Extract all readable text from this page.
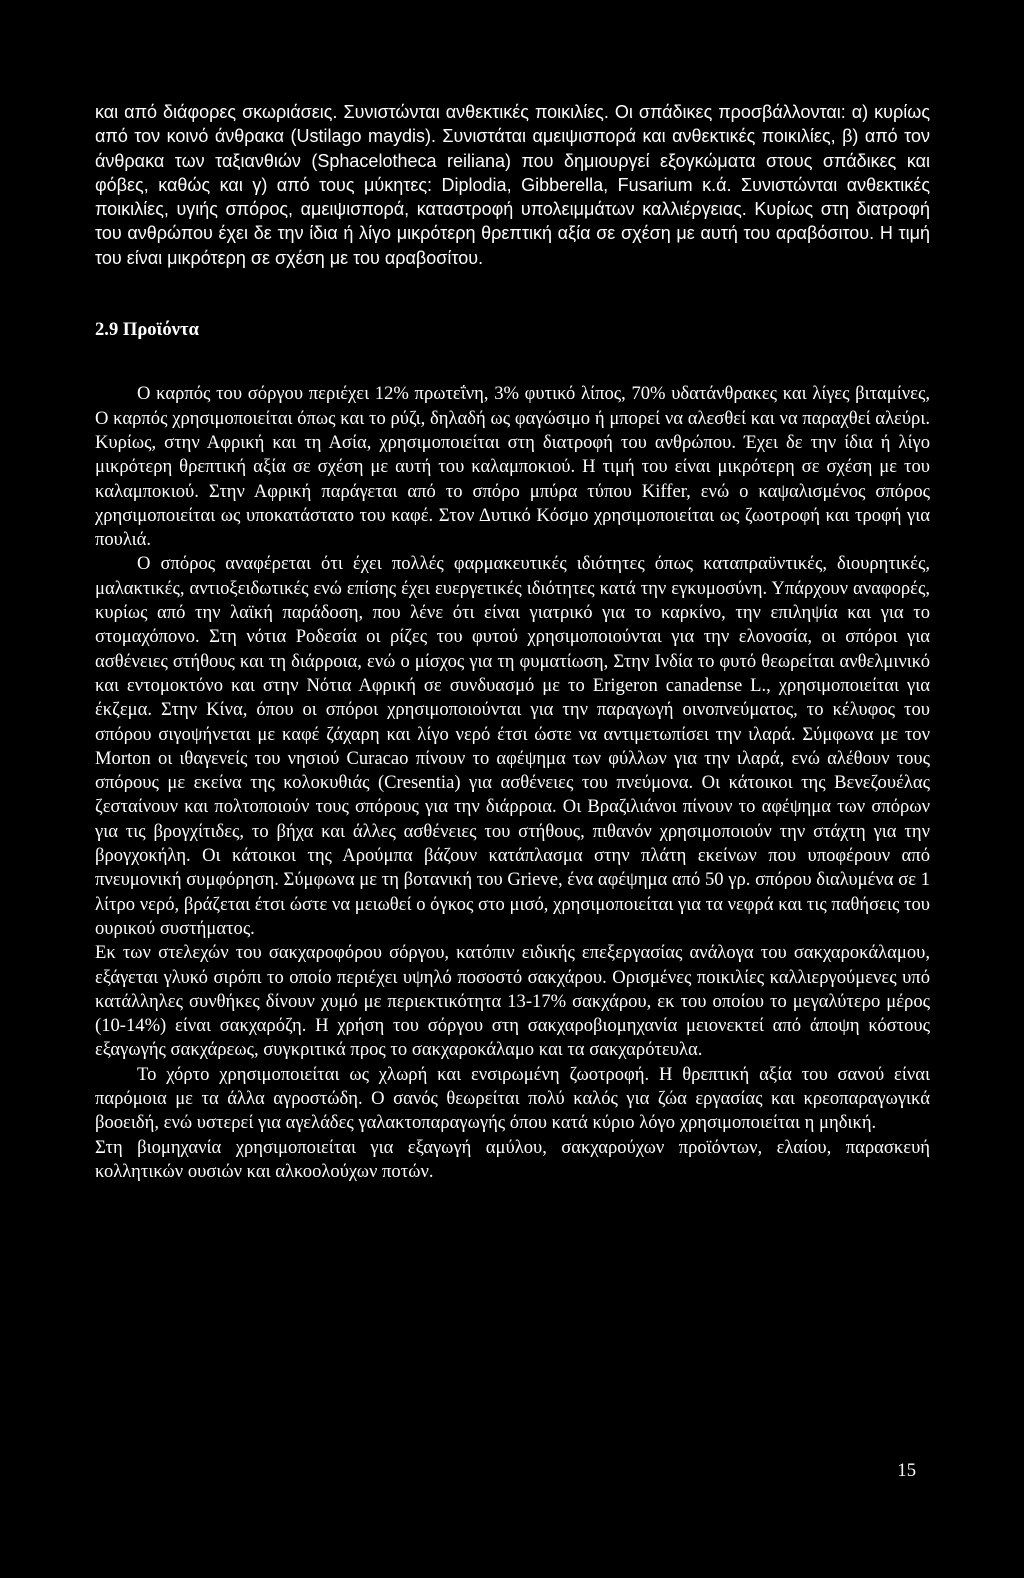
και από διάφορες σκωριάσεις. Συνιστώνται ανθεκτικές ποικιλίες. Οι σπάδικες προσβάλλονται: α) κυρίως από τον κοινό άνθρακα (Ustilago maydis). Συνιστάται αμειψισπορά και ανθεκτικές ποικιλίες, β) από τον άνθρακα των ταξιανθιών (Sphacelotheca reiliana) που δημιουργεί εξογκώματα στους σπάδικες και φόβες, καθώς και γ) από τους μύκητες: Diplodia, Gibberella, Fusarium κ.ά. Συνιστώνται ανθεκτικές ποικιλίες, υγιής σπόρος, αμειψισπορά, καταστροφή υπολειμμάτων καλλιέργειας. Κυρίως στη διατροφή του ανθρώπου έχει δε την ίδια ή λίγο μικρότερη θρεπτική αξία σε σχέση με αυτή του αραβόσιτου. Η τιμή του είναι μικρότερη σε σχέση με του αραβοσίτου.

2.9 Προϊόντα

Ο καρπός του σόργου περιέχει 12% πρωτεΐνη, 3% φυτικό λίπος, 70% υδατάνθρακες και λίγες βιταμίνες, Ο καρπός χρησιμοποιείται όπως και το ρύζι, δηλαδή ως φαγώσιμο ή μπορεί να αλεσθεί και να παραχθεί αλεύρι. Κυρίως, στην Αφρική και τη Ασία, χρησιμοποιείται στη διατροφή του ανθρώπου. Έχει δε την ίδια ή λίγο μικρότερη θρεπτική αξία σε σχέση με αυτή του καλαμποκιού. Η τιμή του είναι μικρότερη σε σχέση με του καλαμποκιού. Στην Αφρική παράγεται από το σπόρο μπύρα τύπου Kiffer, ενώ ο καψαλισμένος σπόρος χρησιμοποιείται ως υποκατάστατο του καφέ. Στον Δυτικό Κόσμο χρησιμοποιείται ως ζωοτροφή και τροφή για πουλιά.

Ο σπόρος αναφέρεται ότι έχει πολλές φαρμακευτικές ιδιότητες όπως καταπραϋντικές, διουρητικές, μαλακτικές, αντιοξειδωτικές ενώ επίσης έχει ευεργετικές ιδιότητες κατά την εγκυμοσύνη. Υπάρχουν αναφορές, κυρίως από την λαϊκή παράδοση, που λένε ότι είναι γιατρικό για το καρκίνο, την επιληψία και για το στομαχόπονο. Στη νότια Ροδεσία οι ρίζες του φυτού χρησιμοποιούνται για την ελονοσία, οι σπόροι για ασθένειες στήθους και τη διάρροια, ενώ ο μίσχος για τη φυματίωση, Στην Ινδία το φυτό θεωρείται ανθελμινικό και εντομοκτόνο και στην Νότια Αφρική σε συνδυασμό με το Erigeron canadense L., χρησιμοποιείται για έκζεμα. Στην Κίνα, όπου οι σπόροι χρησιμοποιούνται για την παραγωγή οινοπνεύματος, το κέλυφος του σπόρου σιγοψήνεται με καφέ ζάχαρη και λίγο νερό έτσι ώστε να αντιμετωπίσει την ιλαρά. Σύμφωνα με τον Morton οι ιθαγενείς του νησιού Curacao πίνουν το αφέψημα των φύλλων για την ιλαρά, ενώ αλέθουν τους σπόρους με εκείνα της κολοκυθιάς (Cresentia) για ασθένειες του πνεύμονα. Οι κάτοικοι της Βενεζουέλας ζεσταίνουν και πολτοποιούν τους σπόρους για την διάρροια. Οι Βραζιλιάνοι πίνουν το αφέψημα των σπόρων για τις βρογχίτιδες, το βήχα και άλλες ασθένειες του στήθους, πιθανόν χρησιμοποιούν την στάχτη για την βρογχοκήλη. Οι κάτοικοι της Αρούμπα βάζουν κατάπλασμα στην πλάτη εκείνων που υποφέρουν από πνευμονική συμφόρηση. Σύμφωνα με τη βοτανική του Grieve, ένα αφέψημα από 50 γρ. σπόρου διαλυμένα σε 1 λίτρο νερό, βράζεται έτσι ώστε να μειωθεί ο όγκος στο μισό, χρησιμοποιείται για τα νεφρά και τις παθήσεις του ουρικού συστήματος.

Εκ των στελεχών του σακχαροφόρου σόργου, κατόπιν ειδικής επεξεργασίας ανάλογα του σακχαροκάλαμου, εξάγεται γλυκό σιρόπι το οποίο περιέχει υψηλό ποσοστό σακχάρου. Ορισμένες ποικιλίες καλλιεργούμενες υπό κατάλληλες συνθήκες δίνουν χυμό με περιεκτικότητα 13-17% σακχάρου, εκ του οποίου το μεγαλύτερο μέρος (10-14%) είναι σακχαρόζη. Η χρήση του σόργου στη σακχαροβιομηχανία μειονεκτεί από άποψη κόστους εξαγωγής σακχάρεως, συγκριτικά προς το σακχαροκάλαμο και τα σακχαρότευλα.

Το χόρτο χρησιμοποιείται ως χλωρή και ενσιρωμένη ζωοτροφή. Η θρεπτική αξία του σανού είναι παρόμοια με τα άλλα αγροστώδη. Ο σανός θεωρείται πολύ καλός για ζώα εργασίας και κρεοπαραγωγικά βοοειδή, ενώ υστερεί για αγελάδες γαλακτοπαραγωγής όπου κατά κύριο λόγο χρησιμοποιείται η μηδική.

Στη βιομηχανία χρησιμοποιείται για εξαγωγή αμύλου, σακχαρούχων προϊόντων, ελαίου, παρασκευή κολλητικών ουσιών και αλκοολούχων ποτών.

15
